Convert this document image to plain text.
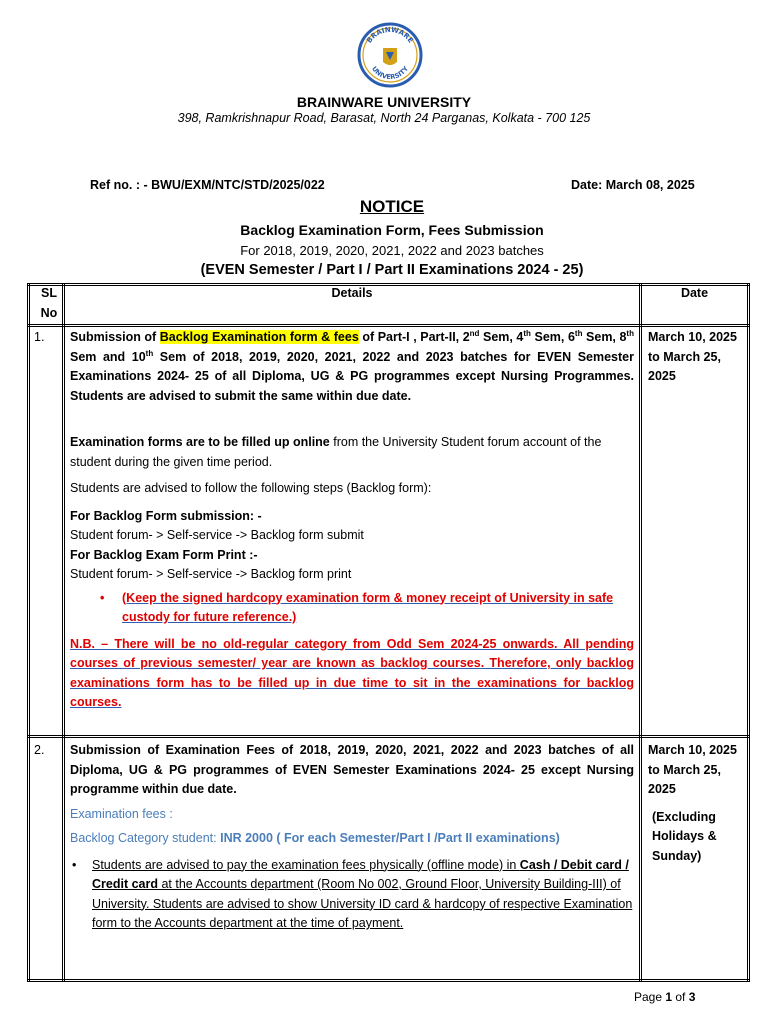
BRAINWARE
UNIVERSITY
BRAINWARE UNIVERSITY
398, Ramkrishnapur Road, Barasat, North 24 Parganas, Kolkata - 700 125
Ref no. : - BWU/EXM/NTC/STD/2025/022	Date: March 08, 2025
NOTICE
Backlog Examination Form, Fees Submission
For 2018, 2019, 2020, 2021, 2022 and 2023 batches
(EVEN Semester / Part I / Part II Examinations 2024 - 25)
SL
No
Details	Date
1. Submission of Backlog Examination form & fees of Part-I , Part-II, 2nd Sem, 4th Sem, 6th Sem, 8th Sem and 10th Sem of 2018, 2019, 2020, 2021, 2022 and 2023 batches for EVEN Semester Examinations 2024- 25 of all Diploma, UG & PG programmes except Nursing Programmes. Students are advised to submit the same within due date.

Examination forms are to be filled up online from the University Student forum account of the student during the given time period.

Students are advised to follow the following steps (Backlog form):

For Backlog Form submission: -

Student forum- > Self-service -> Backlog form submit

For Backlog Exam Form Print :-

Student forum- > Self-service -> Backlog form print

• (Keep the signed hardcopy examination form & money receipt of University in safe custody for future reference.)

N.B. – There will be no old-regular category from Odd Sem 2024-25 onwards. All pending courses of previous semester/ year are known as backlog courses. Therefore, only backlog examinations form has to be filled up in due time to sit in the examinations for backlog courses.

March 10, 2025 to March 25, 2025
2. Submission of Examination Fees of 2018, 2019, 2020, 2021, 2022 and 2023 batches of all Diploma, UG & PG programmes of EVEN Semester Examinations 2024- 25 except Nursing programme within due date.

Examination fees :

Backlog Category student: INR 2000 ( For each Semester/Part I /Part II examinations)

• Students are advised to pay the examination fees physically (offline mode) in Cash / Debit card / Credit card at the Accounts department (Room No 002, Ground Floor, University Building-III) of University. Students are advised to show University ID card & hardcopy of respective Examination form to the Accounts department at the time of payment.

March 10, 2025 to March 25, 2025
(Excluding Holidays & Sunday)
Page 1 of 3
